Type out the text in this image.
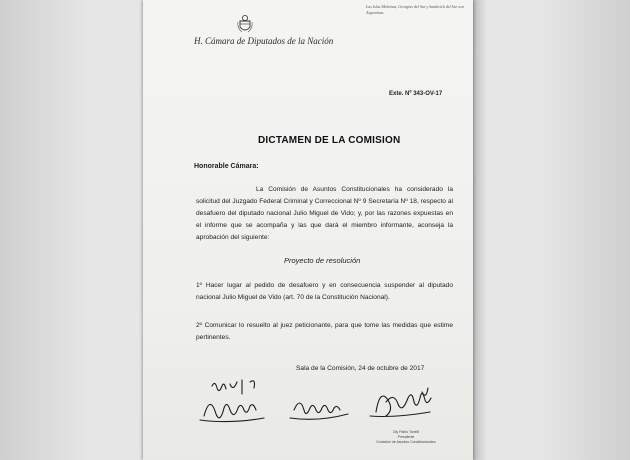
H. Cámara de Diputados de la Nación
Las Islas Malvinas, Georgias del Sur y Sandwich del Sur son Argentinas
Exte. Nº 343-OV-17
DICTAMEN DE LA COMISION
Honorable Cámara:
La Comisión de Asuntos Constitucionales ha considerado la solicitud del Juzgado Federal Criminal y Correccional Nº 9 Secretaría Nº 18, respecto al desafuero del diputado nacional Julio Miguel de Vido; y, por las razones expuestas en el informe que se acompaña y las que dará el miembro informante, aconseja la aprobación del siguiente:
Proyecto de resolución
1º Hacer lugar al pedido de desafuero y en consecuencia suspender al diputado nacional Julio Miguel de Vido (art. 70 de la Constitución Nacional).
2º Comunicar lo resuelto al juez peticionante, para que tome las medidas que estime pertinentes.
Sala de la Comisión, 24 de octubre de 2017
Diy Pablo Tonelli
Presidente
Comisión de Asuntos Constitucionales
